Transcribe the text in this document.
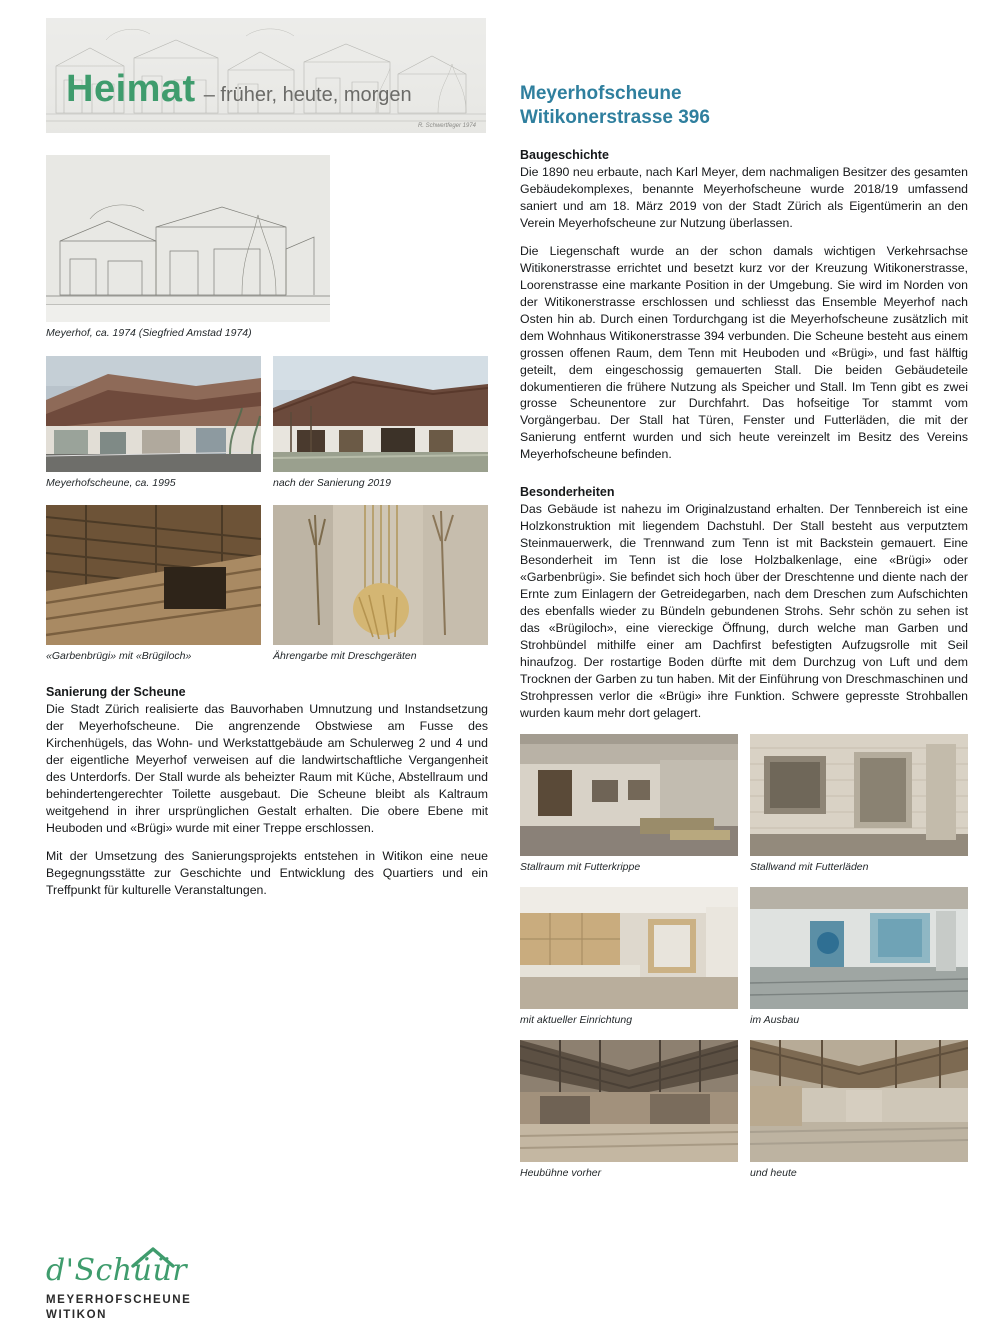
Heimat – früher, heute, morgen
R. Schwertfeger 1974
Meyerhof, ca. 1974 (Siegfried Amstad 1974)
Meyerhofscheune, ca. 1995	nach der Sanierung 2019
«Garbenbrügi» mit «Brügiloch»	Ährengarbe mit Dreschgeräten
Sanierung der Scheune

Die Stadt Zürich realisierte das Bauvorhaben Umnutzung und Instandsetzung der Meyerhofscheune. Die angrenzende Obstwiese am Fusse des Kirchenhügels, das Wohn- und Werkstattgebäude am Schulerweg 2 und 4 und der eigentliche Meyerhof verweisen auf die landwirtschaftliche Vergangenheit des Unterdorfs. Der Stall wurde als beheizter Raum mit Küche, Abstellraum und behindertengerechter Toilette ausgebaut. Die Scheune bleibt als Kaltraum weitgehend in ihrer ursprünglichen Gestalt erhalten. Die obere Ebene mit Heuboden und «Brügi» wurde mit einer Treppe erschlossen.

Mit der Umsetzung des Sanierungsprojekts entstehen in Witikon eine neue Begegnungsstätte zur Geschichte und Entwicklung des Quartiers und ein Treffpunkt für kulturelle Veranstaltungen.

Meyerhofscheune
Witikonerstrasse 396
Baugeschichte

Die 1890 neu erbaute, nach Karl Meyer, dem nachmaligen Besitzer des gesamten Gebäudekomplexes, benannte Meyerhofscheune wurde 2018/19 umfassend saniert und am 18. März 2019 von der Stadt Zürich als Eigentümerin an den Verein Meyerhofscheune zur Nutzung überlassen.

Die Liegenschaft wurde an der schon damals wichtigen Verkehrsachse Witikonerstrasse errichtet und besetzt kurz vor der Kreuzung Witikonerstrasse, Loorenstrasse eine markante Position in der Umgebung. Sie wird im Norden von der Witikonerstrasse erschlossen und schliesst das Ensemble Meyerhof nach Osten hin ab. Durch einen Tordurchgang ist die Meyerhofscheune zusätzlich mit dem Wohnhaus Witikonerstrasse 394 verbunden. Die Scheune besteht aus einem grossen offenen Raum, dem Tenn mit Heuboden und «Brügi», und fast hälftig geteilt, dem eingeschossig gemauerten Stall. Die beiden Gebäudeteile dokumentieren die frühere Nutzung als Speicher und Stall. Im Tenn gibt es zwei grosse Scheunentore zur Durchfahrt. Das hofseitige Tor stammt vom Vorgängerbau. Der Stall hat Türen, Fenster und Futterläden, die mit der Sanierung entfernt wurden und sich heute vereinzelt im Besitz des Vereins Meyerhofscheune befinden.

Besonderheiten

Das Gebäude ist nahezu im Originalzustand erhalten. Der Tennbereich ist eine Holzkonstruktion mit liegendem Dachstuhl. Der Stall besteht aus verputztem Steinmauerwerk, die Trennwand zum Tenn ist mit Backstein gemauert. Eine Besonderheit im Tenn ist die lose Holzbalkenlage, eine «Brügi» oder «Garbenbrügi». Sie befindet sich hoch über der Dreschtenne und diente nach der Ernte zum Einlagern der Getreidegarben, nach dem Dreschen zum Aufschichten des ebenfalls wieder zu Bündeln gebundenen Strohs. Sehr schön zu sehen ist das «Brügiloch», eine viereckige Öffnung, durch welche man Garben und Strohbündel mithilfe einer am Dachfirst befestigten Aufzugsrolle mit Seil hinaufzog. Der rostartige Boden dürfte mit dem Durchzug von Luft und dem Trocknen der Garben zu tun haben. Mit der Einführung von Dreschmaschinen und Strohpressen verlor die «Brügi» ihre Funktion. Schwere gepresste Strohballen wurden kaum mehr dort gelagert.

Stallraum mit Futterkrippe	Stallwand mit Futterläden
mit aktueller Einrichtung	im Ausbau
Heubühne vorher	und heute
d'Schüür
MEYERHOFSCHEUNE
WITIKON
